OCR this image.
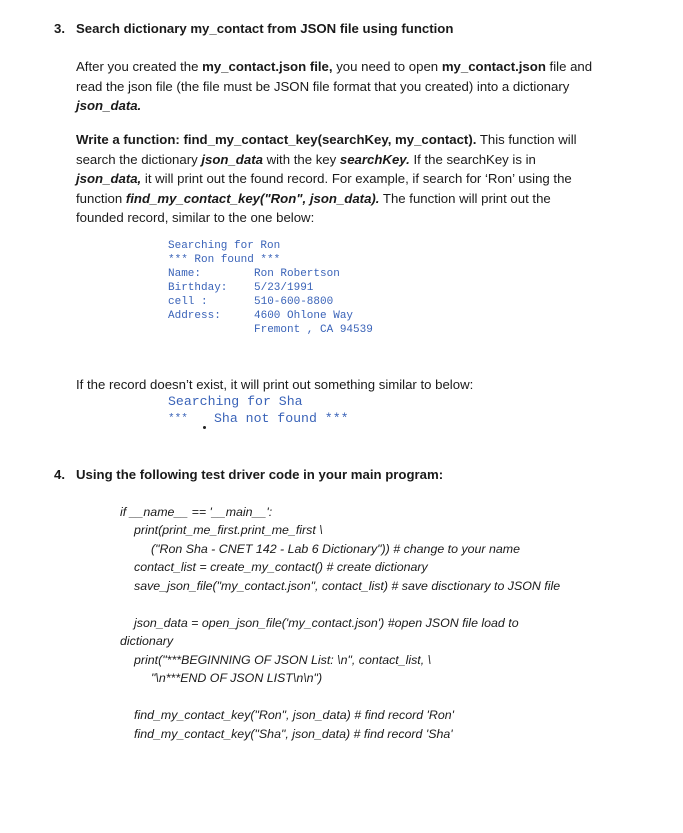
3. Search dictionary my_contact from JSON file using function
After you created the my_contact.json file, you need to open my_contact.json file and
read the json file (the file must be JSON file format that you created) into a dictionary
json_data.
Write a function: find_my_contact_key(searchKey, my_contact). This function will
search the dictionary json_data with the key searchKey. If the searchKey is in
json_data, it will print out the found record. For example, if search for ‘Ron’ using the
function find_my_contact_key("Ron", json_data). The function will print out the
founded record, similar to the one below:
Searching for Ron
*** Ron found ***
Name:	Ron Robertson
Birthday: 5/23/1991
cell :	510-600-8800
Address:	4600 Ohlone Way
Fremont , CA 94539
If the record doesn’t exist, it will print out something similar to below:
Searching for Sha
*** Sha not found ***
4. Using the following test driver code in your main program:
if __name__ == '__main__':
print(print_me_first.print_me_first \
("Ron Sha - CNET 142 - Lab 6 Dictionary")) # change to your name
contact_list = create_my_contact() # create dictionary
save_json_file("my_contact.json", contact_list) # save disctionary to JSON file
json_data = open_json_file('my_contact.json') #open JSON file load to
dictionary
print("***BEGINNING OF JSON List: \n", contact_list, \
"\n***END OF JSON LIST\n\n")
find_my_contact_key("Ron", json_data) # find record 'Ron'
find_my_contact_key("Sha", json_data) # find record 'Sha'
